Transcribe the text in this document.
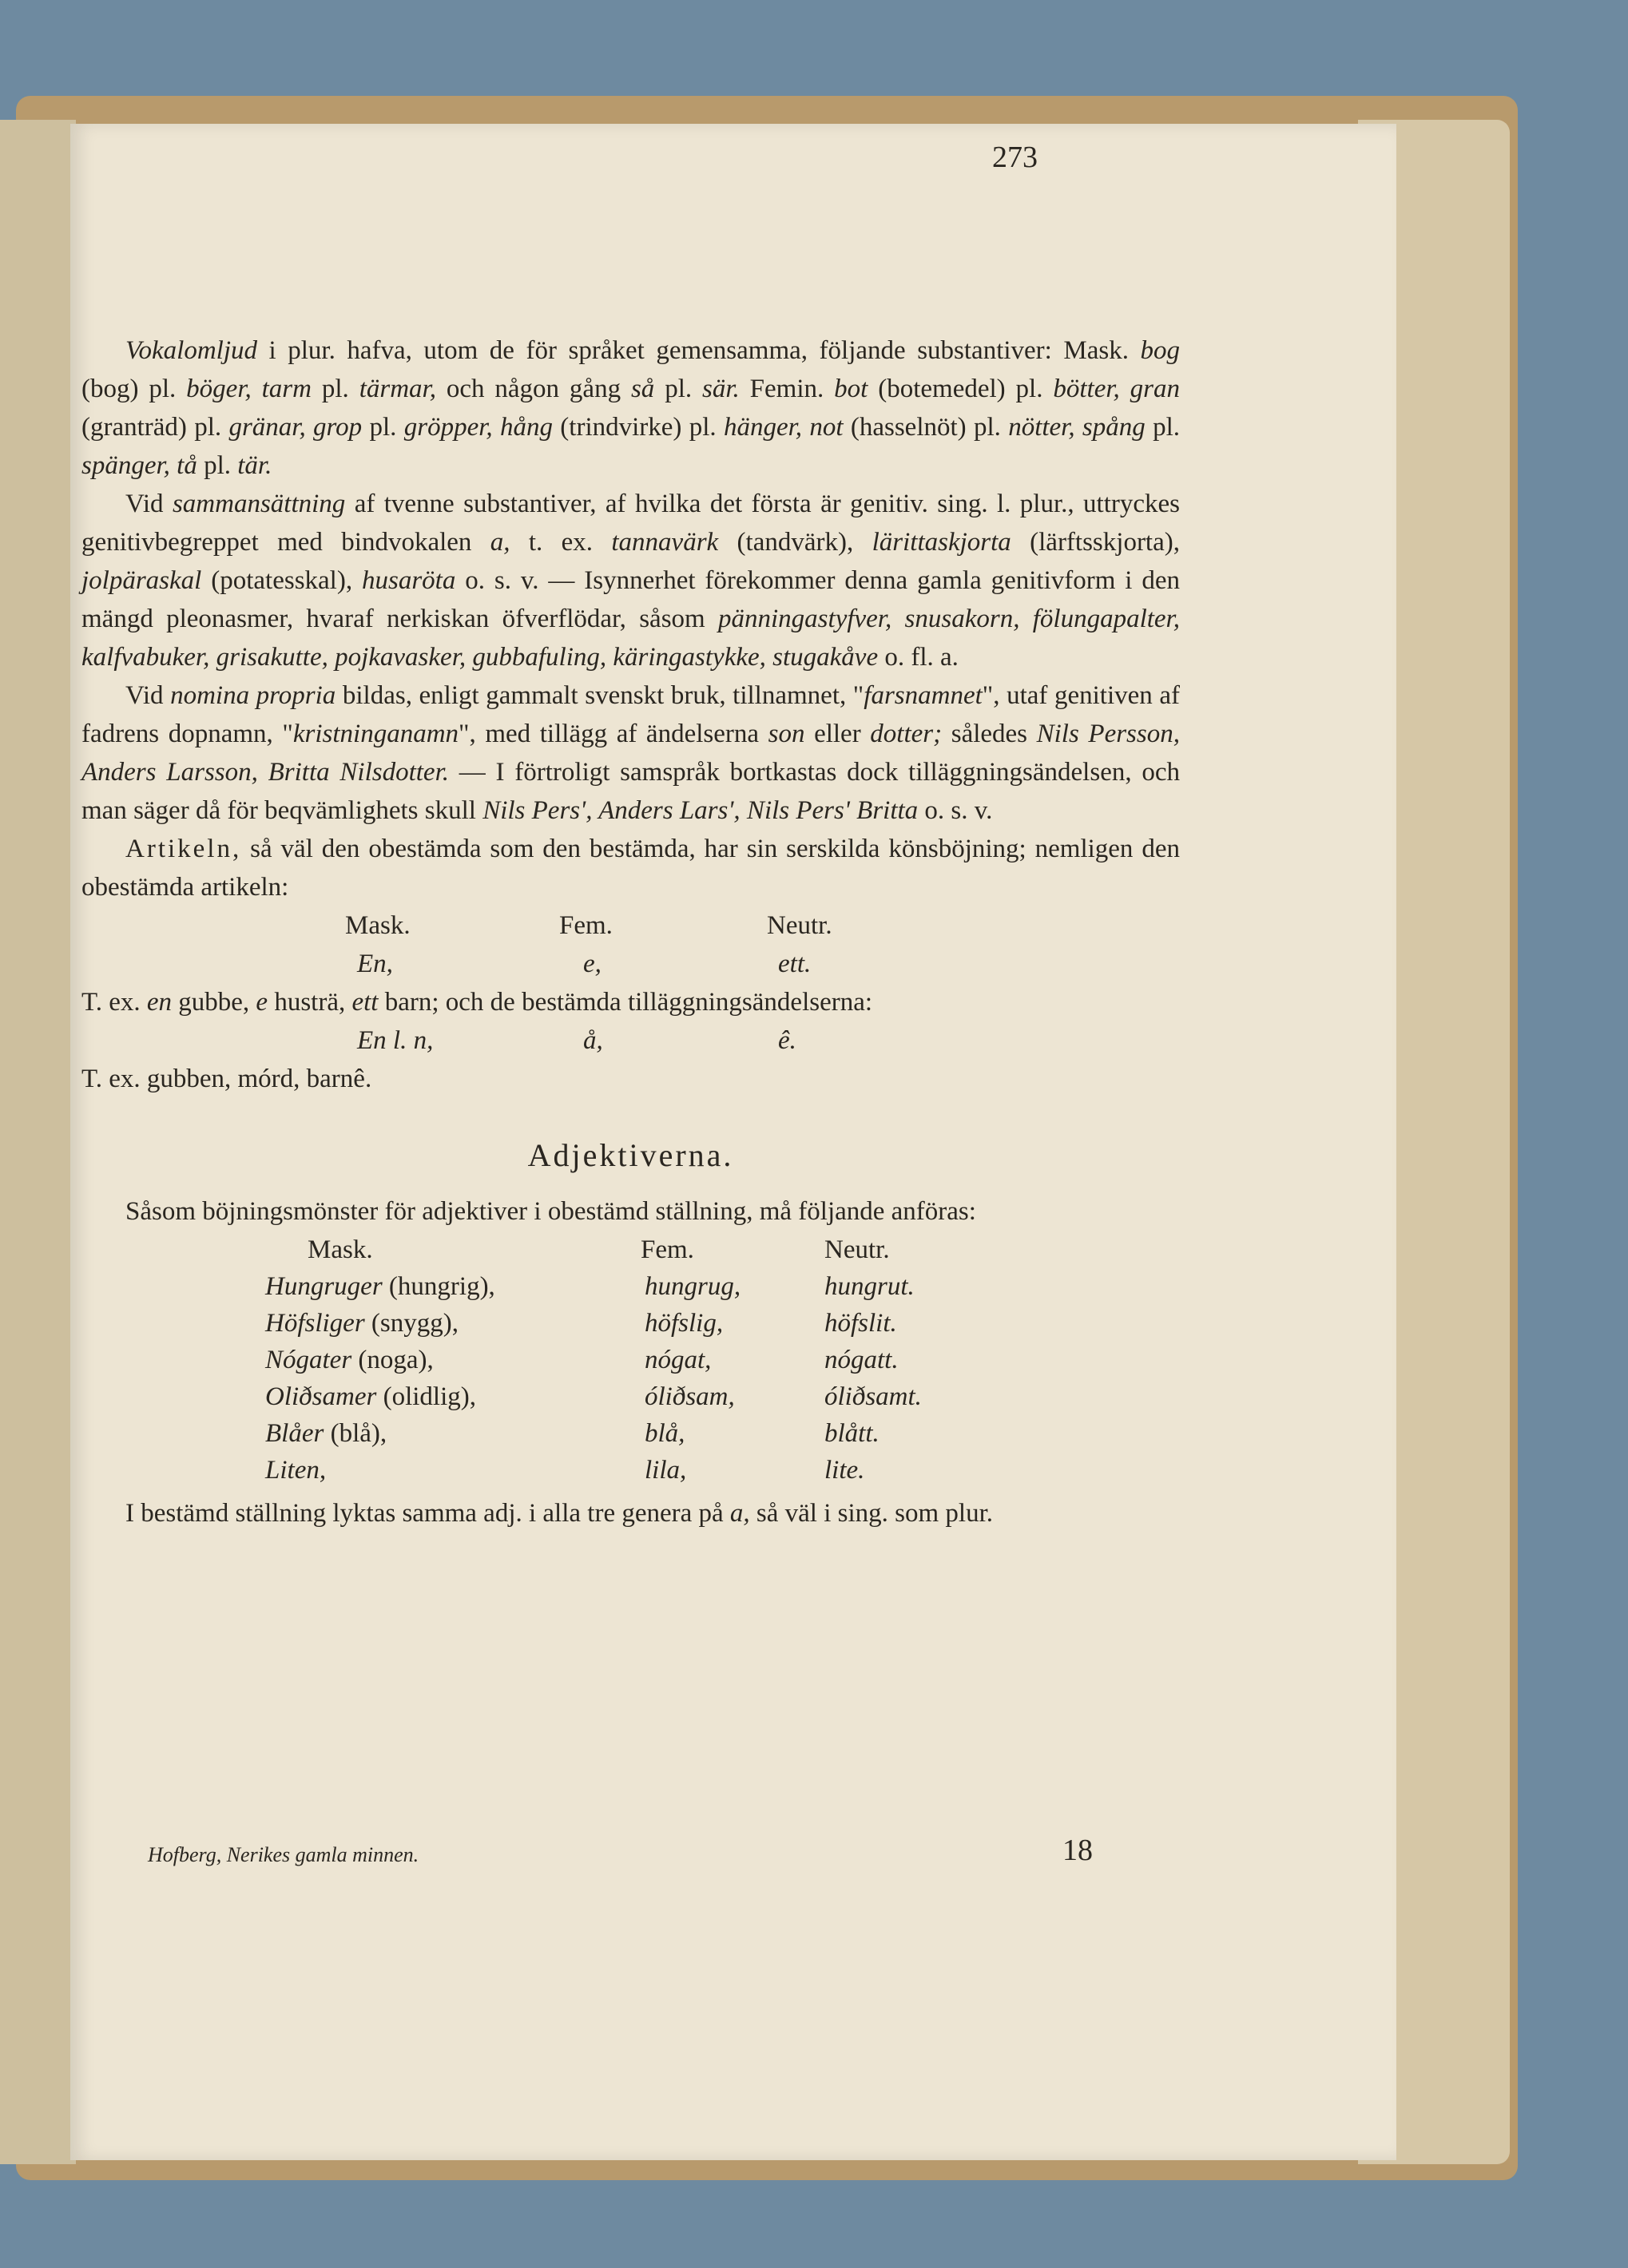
273

Vokalomljud i plur. hafva, utom de för språket gemensamma, följande substantiver: Mask. bog (bog) pl. böger, tarm pl. tärmar, och någon gång så pl. sär. Femin. bot (botemedel) pl. bötter, gran (granträd) pl. gränar, grop pl. gröpper, hång (trindvirke) pl. hänger, not (hasselnöt) pl. nötter, spång pl. spänger, tå pl. tär.

Vid sammansättning af tvenne substantiver, af hvilka det första är genitiv. sing. l. plur., uttryckes genitivbegreppet med bindvokalen a, t. ex. tannavärk (tandvärk), lärittaskjorta (lärftsskjorta), jolpäraskal (potatesskal), husaröta o. s. v. — Isynnerhet förekommer denna gamla genitivform i den mängd pleonasmer, hvaraf nerkiskan öfverflödar, såsom pänningastyfver, snusakorn, fölungapalter, kalfvabuker, grisakutte, pojkavasker, gubbafuling, käringastykke, stugakåve o. fl. a.

Vid nomina propria bildas, enligt gammalt svenskt bruk, tillnamnet, "farsnamnet", utaf genitiven af fadrens dopnamn, "kristninganamn", med tillägg af ändelserna son eller dotter; således Nils Persson, Anders Larsson, Britta Nilsdotter. — I förtroligt samspråk bortkastas dock tilläggningsändelsen, och man säger då för beqvämlighets skull Nils Pers', Anders Lars', Nils Pers' Britta o. s. v.

Artikeln, så väl den obestämda som den bestämda, har sin serskilda könsböjning; nemligen den obestämda artikeln:

Mask.	Fem.	Neutr.
En,	e,	ett.

T. ex. en gubbe, e husträ, ett barn; och de bestämda tilläggningsändelserna:

En l. n,	å,	ê.

T. ex. gubben, mórd, barnê.

Adjektiverna.

Såsom böjningsmönster för adjektiver i obestämd ställning, må följande anföras:

Mask.	Fem.	Neutr.
Hungruger (hungrig),	hungrug,	hungrut.
Höfsliger (snygg),	höfslig,	höfslit.
Nógater (noga),	nógat,	nógatt.
Oliðsamer (olidlig),	óliðsam,	óliðsamt.
Blåer (blå),	blå,	blått.
Liten,	lila,	lite.

I bestämd ställning lyktas samma adj. i alla tre genera på a, så väl i sing. som plur.

Hofberg, Nerikes gamla minnen.	18
